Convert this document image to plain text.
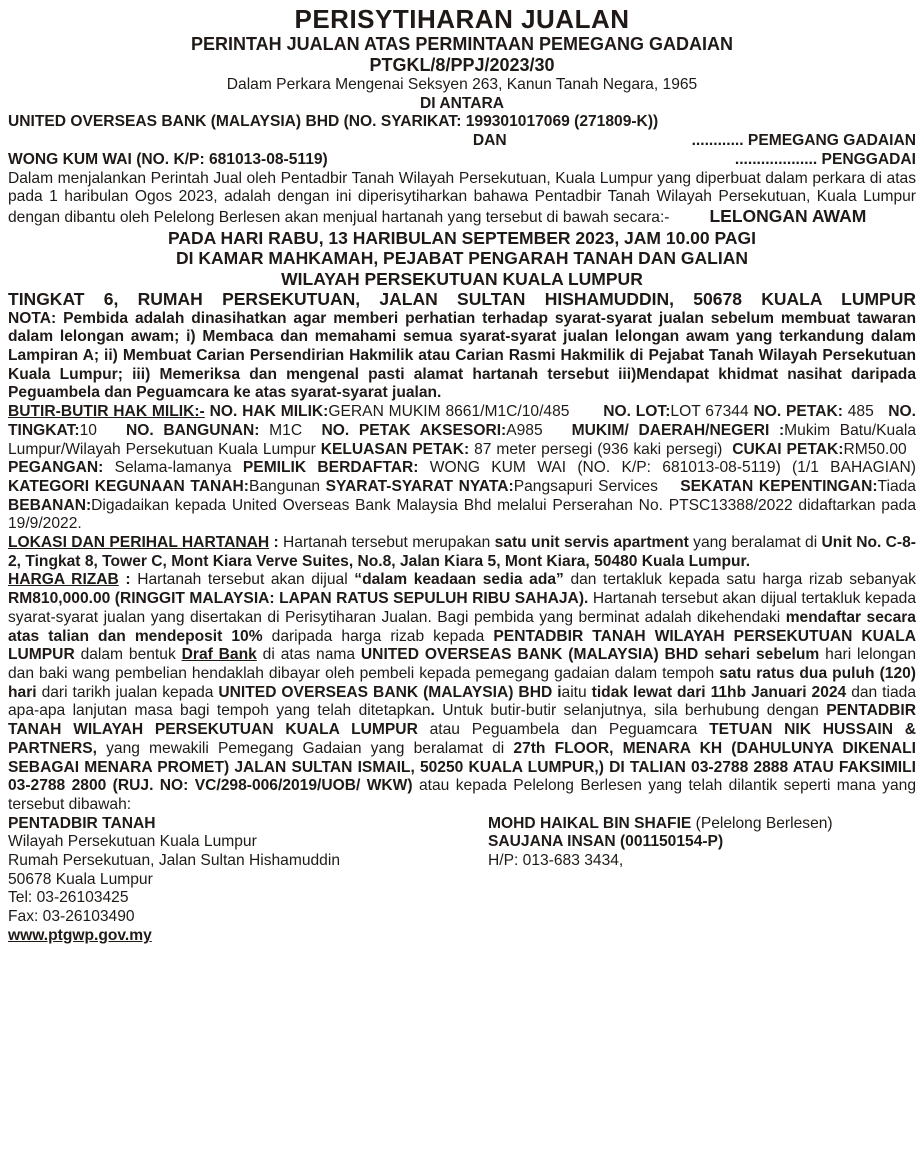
PERISYTIHARAN JUALAN
PERINTAH JUALAN ATAS PERMINTAAN PEMEGANG GADAIAN
PTGKL/8/PPJ/2023/30
Dalam Perkara Mengenai Seksyen 263, Kanun Tanah Negara, 1965
DI ANTARA
UNITED OVERSEAS BANK (MALAYSIA) BHD (NO. SYARIKAT: 199301017069 (271809-K))
DAN	............ PEMEGANG GADAIAN
WONG KUM WAI (NO. K/P: 681013-08-5119)	................... PENGGADAI
Dalam menjalankan Perintah Jual oleh Pentadbir Tanah Wilayah Persekutuan, Kuala Lumpur yang diperbuat dalam perkara di atas pada 1 haribulan Ogos 2023, adalah dengan ini diperisytiharkan bahawa Pentadbir Tanah Wilayah Persekutuan, Kuala Lumpur dengan dibantu oleh Pelelong Berlesen akan menjual hartanah yang tersebut di bawah secara:- LELONGAN AWAM
PADA HARI RABU, 13 HARIBULAN SEPTEMBER 2023, JAM 10.00 PAGI
DI KAMAR MAHKAMAH, PEJABAT PENGARAH TANAH DAN GALIAN
WILAYAH PERSEKUTUAN KUALA LUMPUR
TINGKAT 6, RUMAH PERSEKUTUAN, JALAN SULTAN HISHAMUDDIN, 50678 KUALA LUMPUR
NOTA: Pembida adalah dinasihatkan agar memberi perhatian terhadap syarat-syarat jualan sebelum membuat tawaran dalam lelongan awam; i) Membaca dan memahami semua syarat-syarat jualan lelongan awam yang terkandung dalam Lampiran A; ii) Membuat Carian Persendirian Hakmilik atau Carian Rasmi Hakmilik di Pejabat Tanah Wilayah Persekutuan Kuala Lumpur; iii) Memeriksa dan mengenal pasti alamat hartanah tersebut iii)Mendapat khidmat nasihat daripada Peguambela dan Peguamcara ke atas syarat-syarat jualan.
BUTIR-BUTIR HAK MILIK:- NO. HAK MILIK:GERAN MUKIM 8661/M1C/10/485 NO. LOT:LOT 67344 NO. PETAK: 485 NO. TINGKAT:10 NO. BANGUNAN: M1C NO. PETAK AKSESORI:A985 MUKIM/ DAERAH/NEGERI :Mukim Batu/Kuala Lumpur/Wilayah Persekutuan Kuala Lumpur KELUASAN PETAK: 87 meter persegi (936 kaki persegi) CUKAI PETAK:RM50.00   PEGANGAN: Selama-lamanya PEMILIK BERDAFTAR: WONG KUM WAI (NO. K/P: 681013-08-5119) (1/1 BAHAGIAN) KATEGORI KEGUNAAN TANAH:Bangunan SYARAT-SYARAT NYATA:Pangsapuri Services SEKATAN KEPENTINGAN:Tiada BEBANAN:Digadaikan kepada United Overseas Bank Malaysia Bhd melalui Perserahan No. PTSC13388/2022 didaftarkan pada 19/9/2022.
LOKASI DAN PERIHAL HARTANAH : Hartanah tersebut merupakan satu unit servis apartment yang beralamat di Unit No. C-8-2, Tingkat 8, Tower C, Mont Kiara Verve Suites, No.8, Jalan Kiara 5, Mont Kiara, 50480 Kuala Lumpur.
HARGA RIZAB : Hartanah tersebut akan dijual “dalam keadaan sedia ada” dan tertakluk kepada satu harga rizab sebanyak RM810,000.00 (RINGGIT MALAYSIA: LAPAN RATUS SEPULUH RIBU SAHAJA). Hartanah tersebut akan dijual tertakluk kepada syarat-syarat jualan yang disertakan di Perisytiharan Jualan. Bagi pembida yang berminat adalah dikehendaki mendaftar secara atas talian dan mendeposit 10% daripada harga rizab kepada PENTADBIR TANAH WILAYAH PERSEKUTUAN KUALA LUMPUR dalam bentuk Draf Bank di atas nama UNITED OVERSEAS BANK (MALAYSIA) BHD sehari sebelum hari lelongan dan baki wang pembelian hendaklah dibayar oleh pembeli kepada pemegang gadaian dalam tempoh satu ratus dua puluh (120) hari dari tarikh jualan kepada UNITED OVERSEAS BANK (MALAYSIA) BHD iaitu tidak lewat dari 11hb Januari 2024 dan tiada apa-apa lanjutan masa bagi tempoh yang telah ditetapkan. Untuk butir-butir selanjutnya, sila berhubung dengan PENTADBIR TANAH WILAYAH PERSEKUTUAN KUALA LUMPUR atau Peguambela dan Peguamcara TETUAN NIK HUSSAIN & PARTNERS, yang mewakili Pemegang Gadaian yang beralamat di 27th FLOOR, MENARA KH (DAHULUNYA DIKENALI SEBAGAI MENARA PROMET) JALAN SULTAN ISMAIL, 50250 KUALA LUMPUR,) DI TALIAN 03-2788 2888 ATAU FAKSIMILI 03-2788 2800 (RUJ. NO: VC/298-006/2019/UOB/ WKW) atau kepada Pelelong Berlesen yang telah dilantik seperti mana yang tersebut dibawah:
PENTADBIR TANAH
Wilayah Persekutuan Kuala Lumpur
Rumah Persekutuan, Jalan Sultan Hishamuddin
50678 Kuala Lumpur
Tel: 03-26103425
Fax: 03-26103490
www.ptgwp.gov.my
MOHD HAIKAL BIN SHAFIE (Pelelong Berlesen)
SAUJANA INSAN (001150154-P)
H/P: 013-683 3434,
